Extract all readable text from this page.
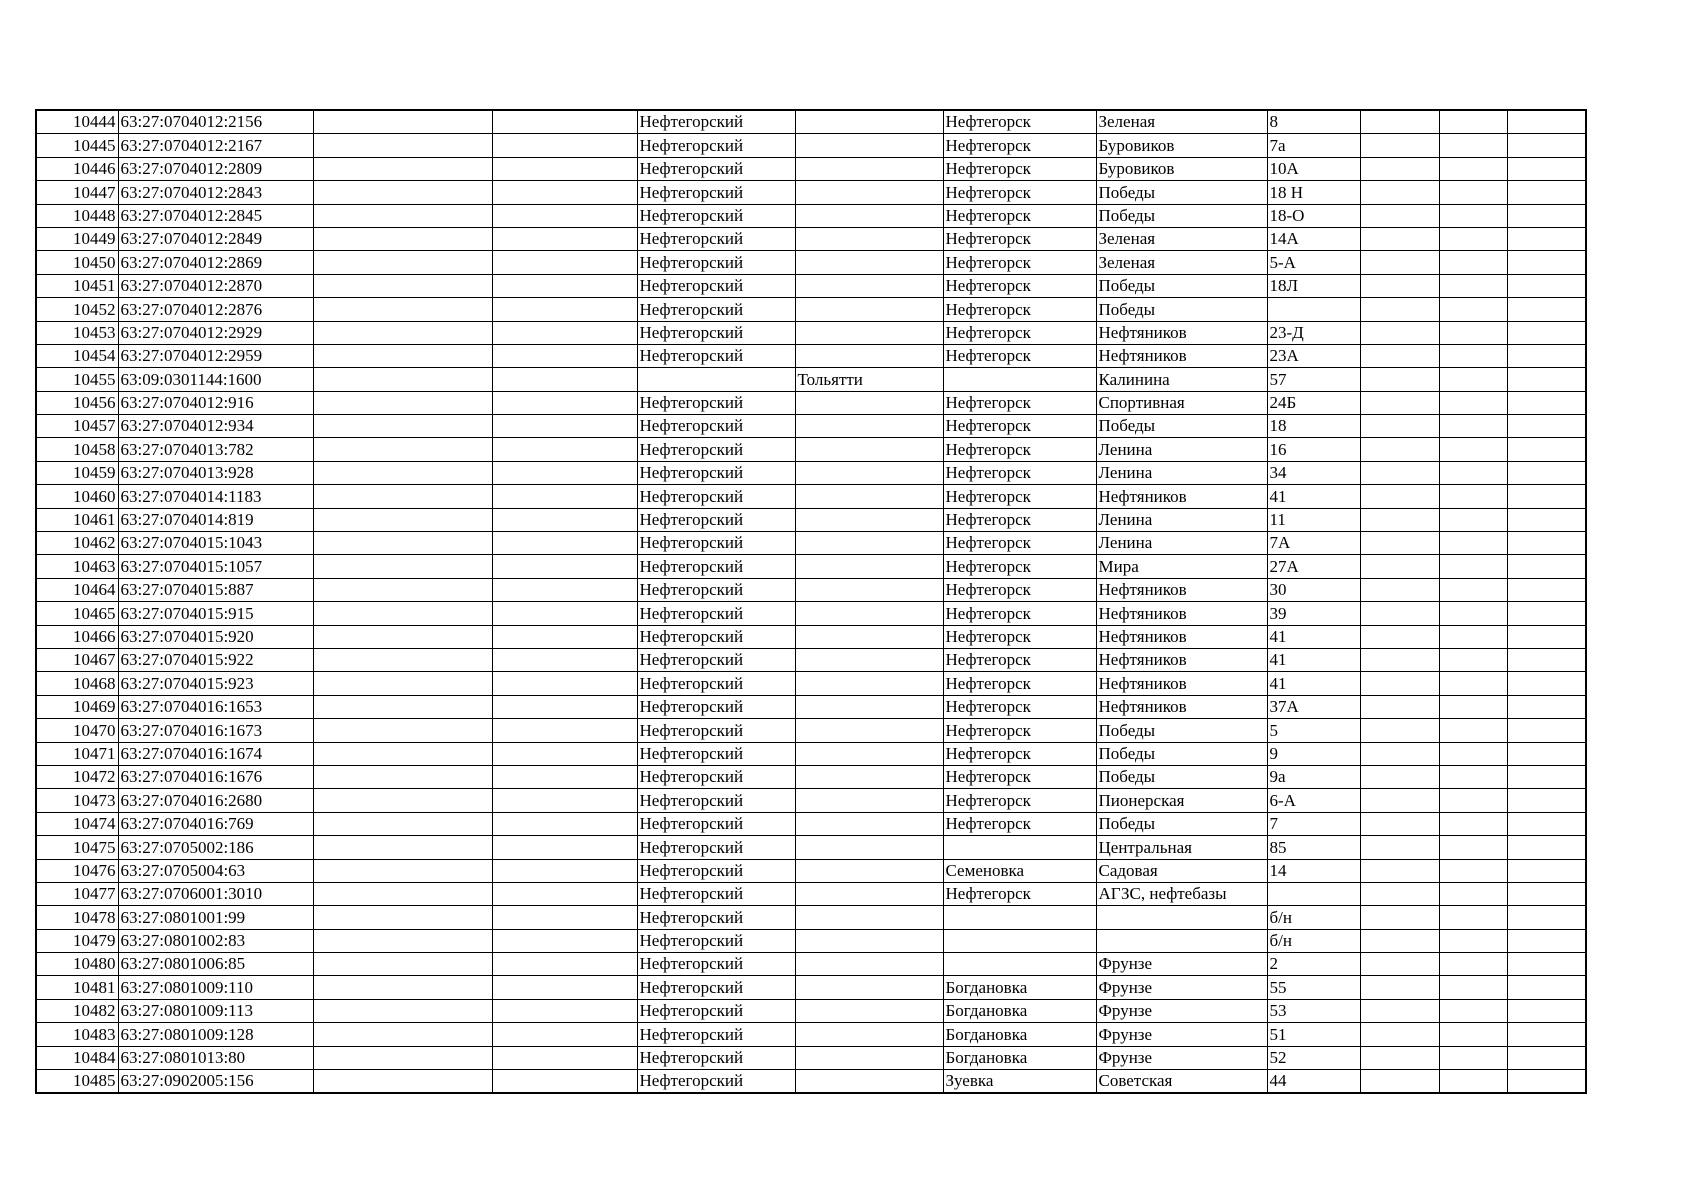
10444	63:27:0704012:2156			Нефтегорский		Нефтегорск	Зеленая	8			
10445	63:27:0704012:2167			Нефтегорский		Нефтегорск	Буровиков	7а			
10446	63:27:0704012:2809			Нефтегорский		Нефтегорск	Буровиков	10А			
10447	63:27:0704012:2843			Нефтегорский		Нефтегорск	Победы	18 Н			
10448	63:27:0704012:2845			Нефтегорский		Нефтегорск	Победы	18-О			
10449	63:27:0704012:2849			Нефтегорский		Нефтегорск	Зеленая	14А			
10450	63:27:0704012:2869			Нефтегорский		Нефтегорск	Зеленая	5-А			
10451	63:27:0704012:2870			Нефтегорский		Нефтегорск	Победы	18Л			
10452	63:27:0704012:2876			Нефтегорский		Нефтегорск	Победы				
10453	63:27:0704012:2929			Нефтегорский		Нефтегорск	Нефтяников	23-Д			
10454	63:27:0704012:2959			Нефтегорский		Нефтегорск	Нефтяников	23А			
10455	63:09:0301144:1600				Тольятти		Калинина	57			
10456	63:27:0704012:916			Нефтегорский		Нефтегорск	Спортивная	24Б			
10457	63:27:0704012:934			Нефтегорский		Нефтегорск	Победы	18			
10458	63:27:0704013:782			Нефтегорский		Нефтегорск	Ленина	16			
10459	63:27:0704013:928			Нефтегорский		Нефтегорск	Ленина	34			
10460	63:27:0704014:1183			Нефтегорский		Нефтегорск	Нефтяников	41			
10461	63:27:0704014:819			Нефтегорский		Нефтегорск	Ленина	11			
10462	63:27:0704015:1043			Нефтегорский		Нефтегорск	Ленина	7А			
10463	63:27:0704015:1057			Нефтегорский		Нефтегорск	Мира	27А			
10464	63:27:0704015:887			Нефтегорский		Нефтегорск	Нефтяников	30			
10465	63:27:0704015:915			Нефтегорский		Нефтегорск	Нефтяников	39			
10466	63:27:0704015:920			Нефтегорский		Нефтегорск	Нефтяников	41			
10467	63:27:0704015:922			Нефтегорский		Нефтегорск	Нефтяников	41			
10468	63:27:0704015:923			Нефтегорский		Нефтегорск	Нефтяников	41			
10469	63:27:0704016:1653			Нефтегорский		Нефтегорск	Нефтяников	37А			
10470	63:27:0704016:1673			Нефтегорский		Нефтегорск	Победы	5			
10471	63:27:0704016:1674			Нефтегорский		Нефтегорск	Победы	9			
10472	63:27:0704016:1676			Нефтегорский		Нефтегорск	Победы	9а			
10473	63:27:0704016:2680			Нефтегорский		Нефтегорск	Пионерская	6-А			
10474	63:27:0704016:769			Нефтегорский		Нефтегорск	Победы	7			
10475	63:27:0705002:186			Нефтегорский			Центральная	85			
10476	63:27:0705004:63			Нефтегорский		Семеновка	Садовая	14			
10477	63:27:0706001:3010			Нефтегорский		Нефтегорск	АГЗС, нефтебазы				
10478	63:27:0801001:99			Нефтегорский				б/н			
10479	63:27:0801002:83			Нефтегорский				б/н			
10480	63:27:0801006:85			Нефтегорский			Фрунзе	2			
10481	63:27:0801009:110			Нефтегорский		Богдановка	Фрунзе	55			
10482	63:27:0801009:113			Нефтегорский		Богдановка	Фрунзе	53			
10483	63:27:0801009:128			Нефтегорский		Богдановка	Фрунзе	51			
10484	63:27:0801013:80			Нефтегорский		Богдановка	Фрунзе	52			
10485	63:27:0902005:156			Нефтегорский		Зуевка	Советская	44			
